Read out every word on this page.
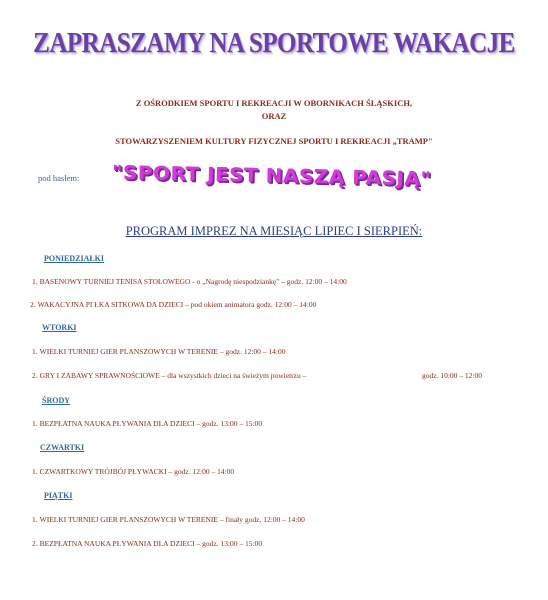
ZAPRASZAMY NA SPORTOWE WAKACJE
Z OŚRODKIEM SPORTU I REKREACJI W OBORNIKACH ŚLĄSKICH,
ORAZ
STOWARZYSZENIEM KULTURY FIZYCZNEJ SPORTU I REKREACJI „TRAMP"
pod hasłem: "SPORT JEST NASZĄ PASJĄ"
PROGRAM IMPREZ NA MIESIĄC LIPIEC I SIERPIEŃ:
PONIEDZIAŁKI
1. BASENOWY TURNIEJ TENISA STOŁOWEGO - o „Nagrodę niespodziankę" – godz. 12:00 – 14:00
2. WAKACYJNA PI ŁKA SITKOWA DA DZIECI – pod okiem animatora godz. 12:00 – 14:00
WTORKI
1. WIELKI TURNIEJ GIER PLANSZOWYCH W TERENIE – godz. 12:00 – 14:00
2. GRY I ZABAWY SPRAWNOŚCIOWE – dla wszystkich dzieci na świeżym powietrzu –	godz. 10:00 – 12:00
ŚRODY
1. BEZPŁATNA NAUKA PŁYWANIA DLA DZIECI – godz. 13:00 – 15:00
CZWARTKI
1. CZWARTKOWY TRÓJBÓJ PŁYWACKI – godz. 12:00 – 14:00
PIĄTKI
1. WIELKI TURNIEJ GIER PLANSZOWYCH W TERENIE – finały godz. 12:00 – 14:00
2. BEZPŁATNA NAUKA PŁYWANIA DLA DZIECI – godz. 13:00 – 15:00
